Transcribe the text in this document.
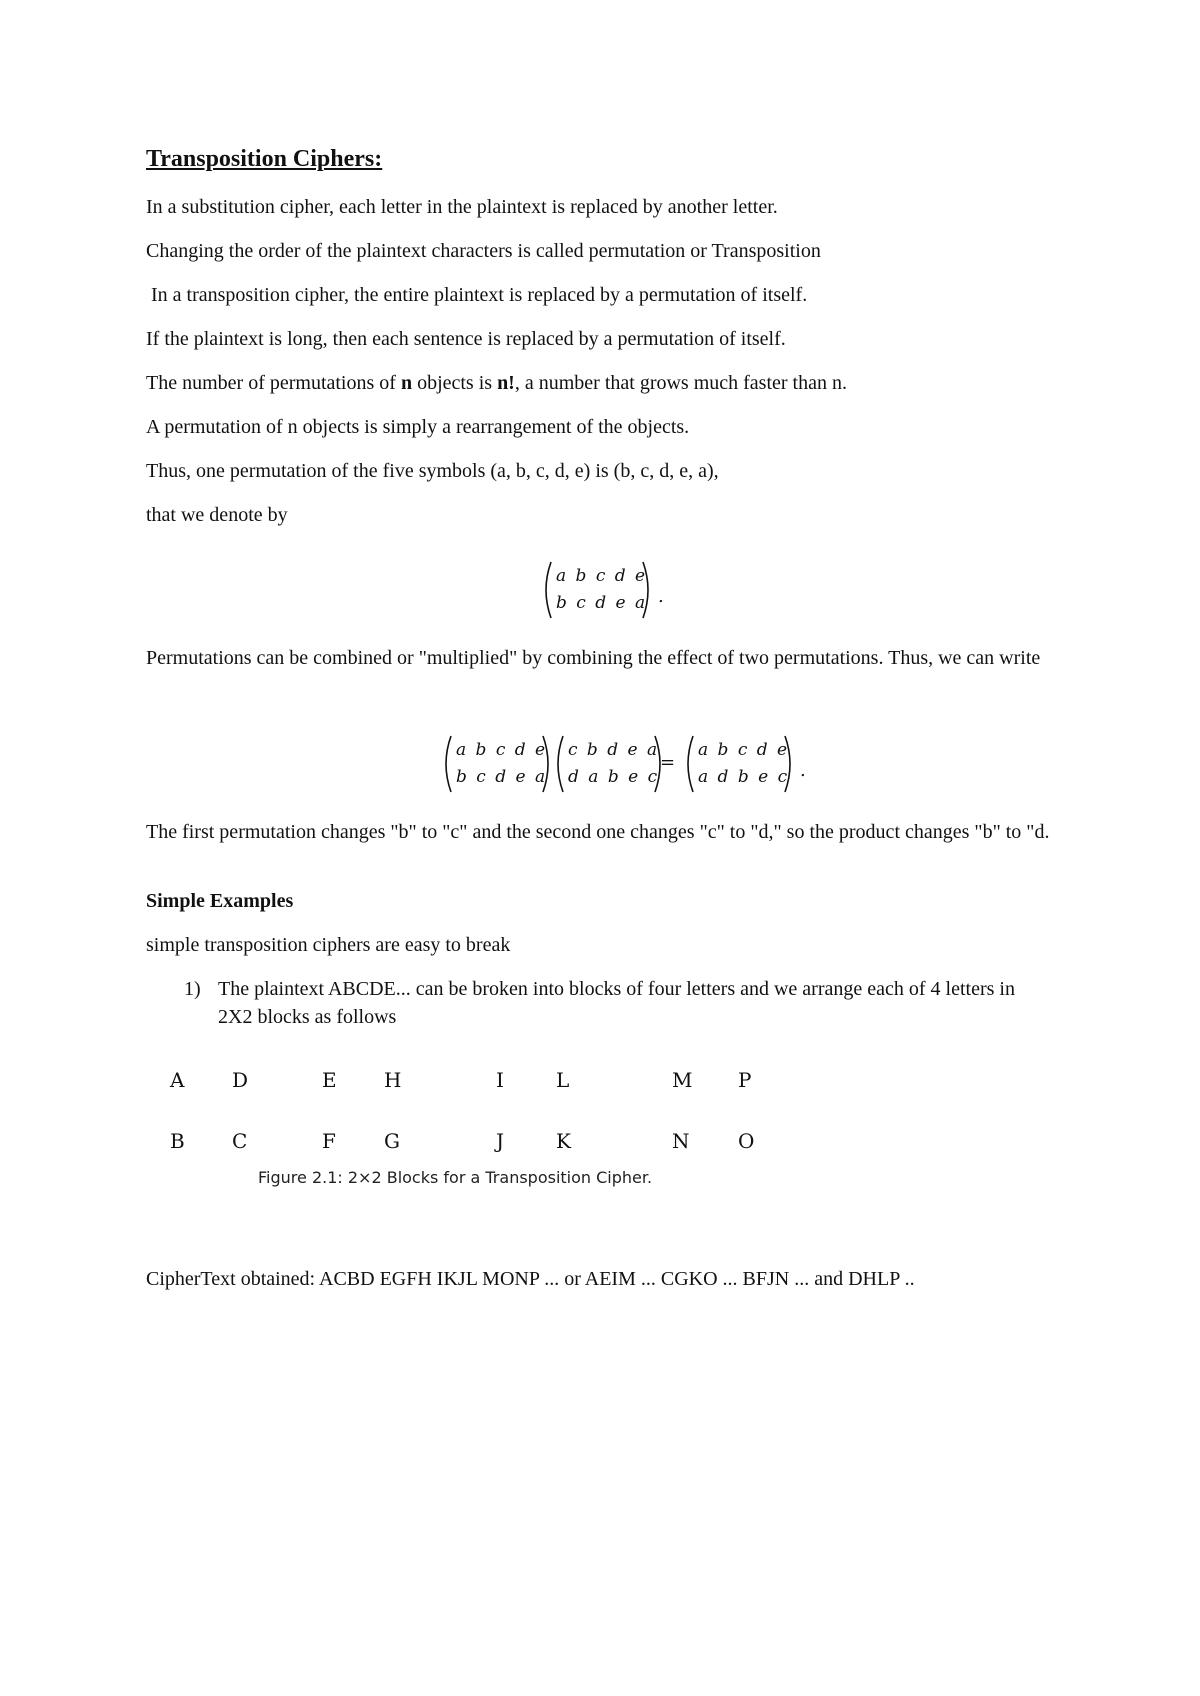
Transposition Ciphers:
In a substitution cipher, each letter in the plaintext is replaced by another letter.
Changing the order of the plaintext characters is called permutation or Transposition
In a transposition cipher, the entire plaintext is replaced by a permutation of itself.
If the plaintext is long, then each sentence is replaced by a permutation of itself.
The number of permutations of n objects is n!, a number that grows much faster than n.
A permutation of n objects is simply a rearrangement of the objects.
Thus, one permutation of the five symbols (a, b, c, d, e) is (b, c, d, e, a),
that we denote by
a b c d e
b c d e a .
Permutations can be combined or "multiplied" by combining the effect of two permutations. Thus, we can write
a b c d e
b c d e a
c b d e a
d a b e c
=
a b c d e
a d b e c .
The first permutation changes "b" to "c" and the second one changes "c" to "d," so the product changes "b" to "d.
Simple Examples
simple transposition ciphers are easy to break
1) The plaintext ABCDE... can be broken into blocks of four letters and we arrange each of 4 letters in 2X2 blocks as follows
A D	E H	I	L	M P
B C	F G	J	K	N O
Figure 2.1: 2×2 Blocks for a Transposition Cipher.
CipherText obtained: ACBD EGFH IKJL MONP ... or AEIM ... CGKO ... BFJN ... and DHLP ..
